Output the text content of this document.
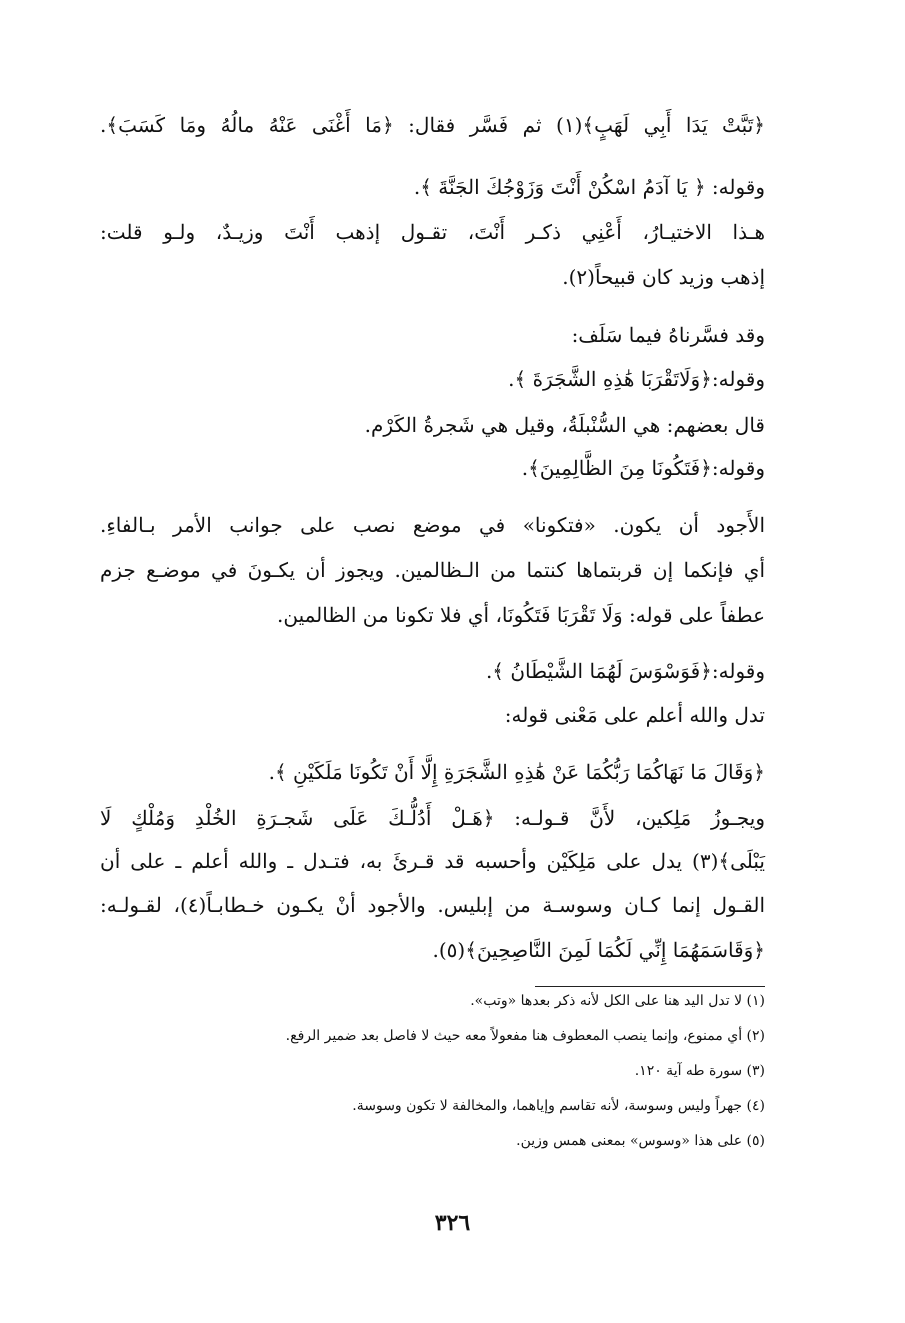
﴿تَبَّتْ يَدَا أَبِي لَهَبٍ﴾(١) ثم فَسَّر فقال: ﴿مَا أَغْنَى عَنْهُ مالُهُ ومَا كَسَبَ﴾.
وقوله: ﴿ يَا آدَمُ اسْكُنْ أَنْتَ وَزَوْجُكَ الجَنَّةَ ﴾.
هـذا الاختيـارُ، أَعْنِي ذكـر أَنْتَ، تقـول إذهب أَنْتَ وزيـدٌ، ولـو قلت:
إذهب وزيد كان قبيحاً(٢).
وقد فسَّرناهُ فيما سَلَف:
وقوله:﴿وَلَاتَقْرَبَا هَٰذِهِ الشَّجَرَةَ ﴾.
قال بعضهم: هي السُّنْبلَةُ، وقيل هي شَجرةُ الكَرْم.
وقوله:﴿فَتَكُونَا مِنَ الظَّالِمِينَ﴾.
الأَجود أن يكون. «فتكونا» في موضع نصب على جوانب الأمر بـالفاءِ.
أي فإنكما إن قربتماها كنتما من الـظالمين. ويجوز أن يكـونَ في موضـع جزم
عطفاً على قوله: وَلَا تَقْرَبَا فَتَكُونَا، أي فلا تكونا من الظالمين.
وقوله:﴿فَوَسْوَسَ لَهُمَا الشَّيْطَانُ ﴾.
تدل والله أعلم على مَعْنى قوله:
﴿وَقَالَ مَا نَهَاكُمَا رَبُّكُمَا عَنْ هَٰذِهِ الشَّجَرَةِ إِلَّا أَنْ تَكُونَا مَلَكَيْنِ ﴾.
ويجـوزُ مَلِكين، لأَنَّ قـولـه: ﴿هَـلْ أَدُلُّـكَ عَلَى شَجـرَةِ الخُلْدِ وَمُلْكٍ لَا
يَبْلَى﴾(٣) يدل على مَلِكَيْن وأحسبه قد قـرئَ به، فتـدل ـ والله أعلم ـ على أن
القـول إنما كـان وسوسـة من إبليس. والأجود أنْ يكـون خـطابـاً(٤)، لقـولـه:
﴿وَقَاسَمَهُمَا إِنِّي لَكُمَا لَمِنَ النَّاصِحِينَ﴾(٥).
(١) لا تدل اليد هنا على الكل لأنه ذكر بعدها «وتب».
(٢) أي ممنوع، وإنما ينصب المعطوف هنا مفعولاً معه حيث لا فاصل بعد ضمير الرفع.
(٣) سورة طه آية ١٢٠.
(٤) جهراً وليس وسوسة، لأنه تقاسم وإياهما، والمخالفة لا تكون وسوسة.
(٥) على هذا «وسوس» بمعنى همس وزين.
٣٢٦
